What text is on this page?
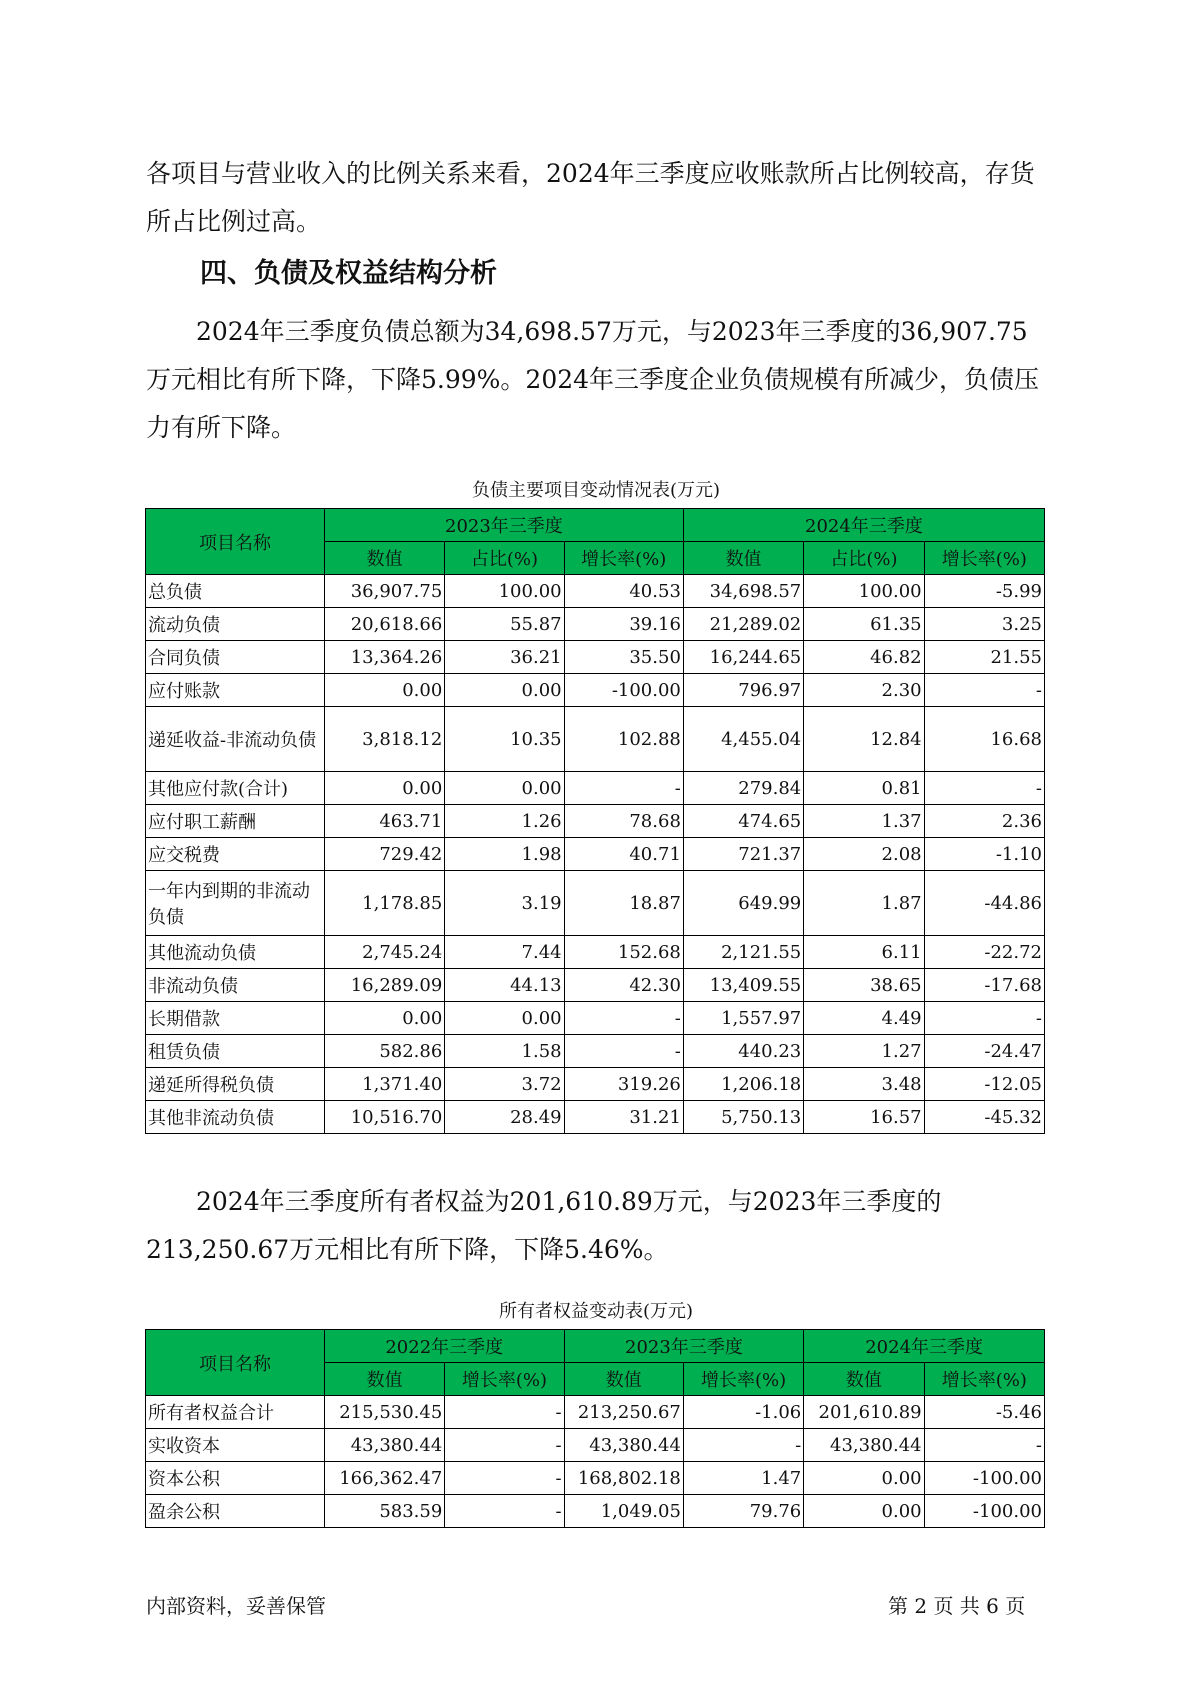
各项目与营业收入的比例关系来看，2024年三季度应收账款所占比例较高，存货所占比例过高。

四、负债及权益结构分析

2024年三季度负债总额为34,698.57万元，与2023年三季度的36,907.75万元相比有所下降，下降5.99%。2024年三季度企业负债规模有所减少，负债压力有所下降。

负债主要项目变动情况表(万元)
项目名称	2023年三季度			2024年三季度		
	数值	占比(%)	增长率(%)	数值	占比(%)	增长率(%)
总负债	36,907.75	100.00	40.53	34,698.57	100.00	-5.99
流动负债	20,618.66	55.87	39.16	21,289.02	61.35	3.25
合同负债	13,364.26	36.21	35.50	16,244.65	46.82	21.55
应付账款	0.00	0.00	-100.00	796.97	2.30	-
递延收益-非流动负债	3,818.12	10.35	102.88	4,455.04	12.84	16.68
其他应付款(合计)	0.00	0.00	-	279.84	0.81	-
应付职工薪酬	463.71	1.26	78.68	474.65	1.37	2.36
应交税费	729.42	1.98	40.71	721.37	2.08	-1.10
一年内到期的非流动负债	1,178.85	3.19	18.87	649.99	1.87	-44.86
其他流动负债	2,745.24	7.44	152.68	2,121.55	6.11	-22.72
非流动负债	16,289.09	44.13	42.30	13,409.55	38.65	-17.68
长期借款	0.00	0.00	-	1,557.97	4.49	-
租赁负债	582.86	1.58	-	440.23	1.27	-24.47
递延所得税负债	1,371.40	3.72	319.26	1,206.18	3.48	-12.05
其他非流动负债	10,516.70	28.49	31.21	5,750.13	16.57	-45.32

2024年三季度所有者权益为201,610.89万元，与2023年三季度的213,250.67万元相比有所下降，下降5.46%。

所有者权益变动表(万元)
项目名称	2022年三季度		2023年三季度		2024年三季度	
	数值	增长率(%)	数值	增长率(%)	数值	增长率(%)
所有者权益合计	215,530.45	-	213,250.67	-1.06	201,610.89	-5.46
实收资本	43,380.44	-	43,380.44	-	43,380.44	-
资本公积	166,362.47	-	168,802.18	1.47	0.00	-100.00
盈余公积	583.59	-	1,049.05	79.76	0.00	-100.00
内部资料，妥善保管	第 2 页 共 6 页
